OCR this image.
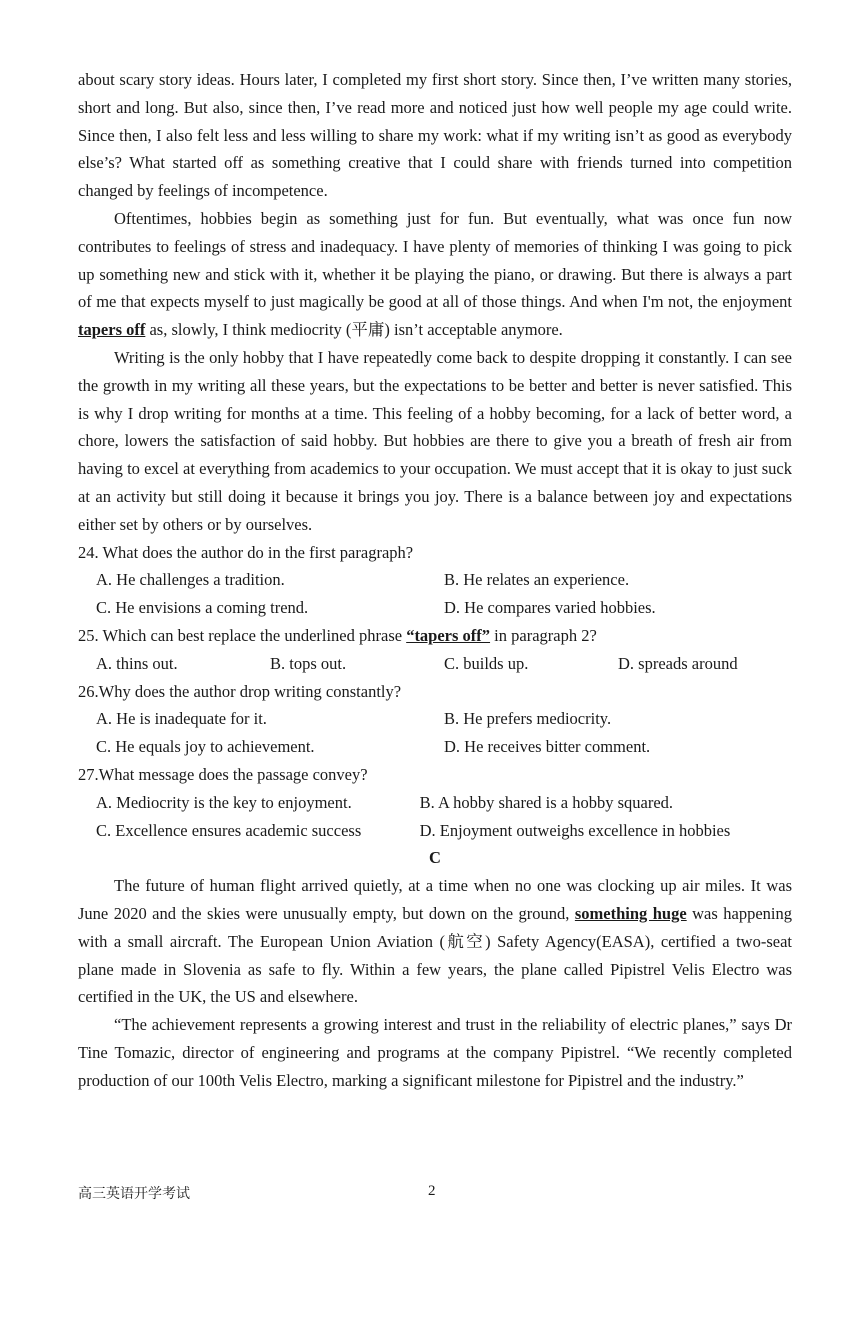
about scary story ideas. Hours later, I completed my first short story. Since then, I’ve written many stories, short and long. But also, since then, I’ve read more and noticed just how well people my age could write. Since then, I also felt less and less willing to share my work: what if my writing isn’t as good as everybody else’s? What started off as something creative that I could share with friends turned into competition changed by feelings of incompetence.

Oftentimes, hobbies begin as something just for fun. But eventually, what was once fun now contributes to feelings of stress and inadequacy. I have plenty of memories of thinking I was going to pick up something new and stick with it, whether it be playing the piano, or drawing. But there is always a part of me that expects myself to just magically be good at all of those things. And when I'm not, the enjoyment tapers off as, slowly, I think mediocrity (平庸) isn’t acceptable anymore.

Writing is the only hobby that I have repeatedly come back to despite dropping it constantly. I can see the growth in my writing all these years, but the expectations to be better and better is never satisfied. This is why I drop writing for months at a time. This feeling of a hobby becoming, for a lack of better word, a chore, lowers the satisfaction of said hobby. But hobbies are there to give you a breath of fresh air from having to excel at everything from academics to your occupation. We must accept that it is okay to just suck at an activity but still doing it because it brings you joy. There is a balance between joy and expectations either set by others or by ourselves.

24. What does the author do in the first paragraph?

A. He challenges a tradition.	B. He relates an experience.
C. He envisions a coming trend.	D. He compares varied hobbies.

25. Which can best replace the underlined phrase “tapers off” in paragraph 2?

A. thins out.	B. tops out.	C. builds up.	D. spreads around

26.Why does the author drop writing constantly?

A. He is inadequate for it.	B. He prefers mediocrity.
C. He equals joy to achievement.	D. He receives bitter comment.

27.What message does the passage convey?

A. Mediocrity is the key to enjoyment.	B. A hobby shared is a hobby squared.
C. Excellence ensures academic success	D. Enjoyment outweighs excellence in hobbies

C

The future of human flight arrived quietly, at a time when no one was clocking up air miles. It was June 2020 and the skies were unusually empty, but down on the ground, something huge was happening with a small aircraft. The European Union Aviation (航空) Safety Agency(EASA), certified a two-seat plane made in Slovenia as safe to fly. Within a few years, the plane called Pipistrel Velis Electro was certified in the UK, the US and elsewhere.

“The achievement represents a growing interest and trust in the reliability of electric planes,” says Dr Tine Tomazic, director of engineering and programs at the company Pipistrel. “We recently completed production of our 100th Velis Electro, marking a significant milestone for Pipistrel and the industry.”

高三英语开学考试	2
